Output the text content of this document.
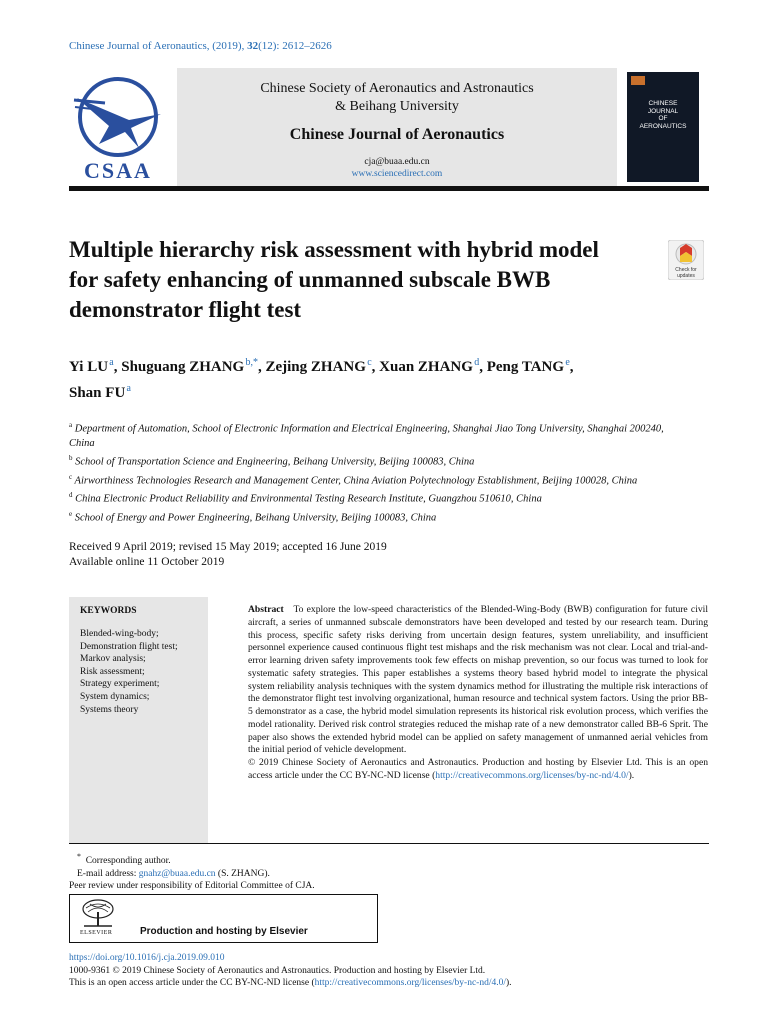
Chinese Journal of Aeronautics, (2019), 32(12): 2612–2626
CSAA
Chinese Society of Aeronautics and Astronautics
& Beihang University
Chinese Journal of Aeronautics
cja@buaa.edu.cn
www.sciencedirect.com
CHINESE
JOURNAL
OF
AERONAUTICS
Multiple hierarchy risk assessment with hybrid model for safety enhancing of unmanned subscale BWB demonstrator flight test
Check for
updates
Yi LU $^a$, Shuguang ZHANG $^{b,*}$, Zejing ZHANG $^c$, Xuan ZHANG $^d$, Peng TANG $^e$,
Shan FU $^a$
$^a$ Department of Automation, School of Electronic Information and Electrical Engineering, Shanghai Jiao Tong University, Shanghai 200240, China
$^b$ School of Transportation Science and Engineering, Beihang University, Beijing 100083, China
$^c$ Airworthiness Technologies Research and Management Center, China Aviation Polytechnology Establishment, Beijing 100028, China
$^d$ China Electronic Product Reliability and Environmental Testing Research Institute, Guangzhou 510610, China
$^e$ School of Energy and Power Engineering, Beihang University, Beijing 100083, China
Received 9 April 2019; revised 15 May 2019; accepted 16 June 2019
Available online 11 October 2019
KEYWORDS
Blended-wing-body;
Demonstration flight test;
Markov analysis;
Risk assessment;
Strategy experiment;
System dynamics;
Systems theory

Abstract To explore the low-speed characteristics of the Blended-Wing-Body (BWB) configuration for future civil aircraft, a series of unmanned subscale demonstrators have been developed and tested by our research team. During this process, specific safety risks deriving from uncertain design features, system unreliability, and insufficient personnel experience caused continuous flight test mishaps and the risk mechanism was not clear. Local and trial-and-error learning driven safety improvements took few effects on mishap prevention, so our focus was turned to look for systematic safety strategies. This paper establishes a systems theory based hybrid model to integrate the physical system reliability analysis techniques with the system dynamics method for illustrating the multiple risk interactions of the demonstrator flight test involving organizational, human resource and technical system factors. Using the prior BB-5 demonstrator as a case, the hybrid model simulation represents its historical risk evolution process, which verifies the model rationality. Derived risk control strategies reduced the mishap rate of a new demonstrator called BB-6 Sprit. The paper also shows the extended hybrid model can be applied on safety management of unmanned aerial vehicles from the initial period of vehicle development.

© 2019 Chinese Society of Aeronautics and Astronautics. Production and hosting by Elsevier Ltd. This is an open access article under the CC BY-NC-ND license (http://creativecommons.org/licenses/by-nc-nd/4.0/).

* Corresponding author.
E-mail address: gnahz@buaa.edu.cn (S. ZHANG).
Peer review under responsibility of Editorial Committee of CJA.
ELSEVIER	Production and hosting by Elsevier
https://doi.org/10.1016/j.cja.2019.09.010
1000-9361 © 2019 Chinese Society of Aeronautics and Astronautics. Production and hosting by Elsevier Ltd.
This is an open access article under the CC BY-NC-ND license (http://creativecommons.org/licenses/by-nc-nd/4.0/).
